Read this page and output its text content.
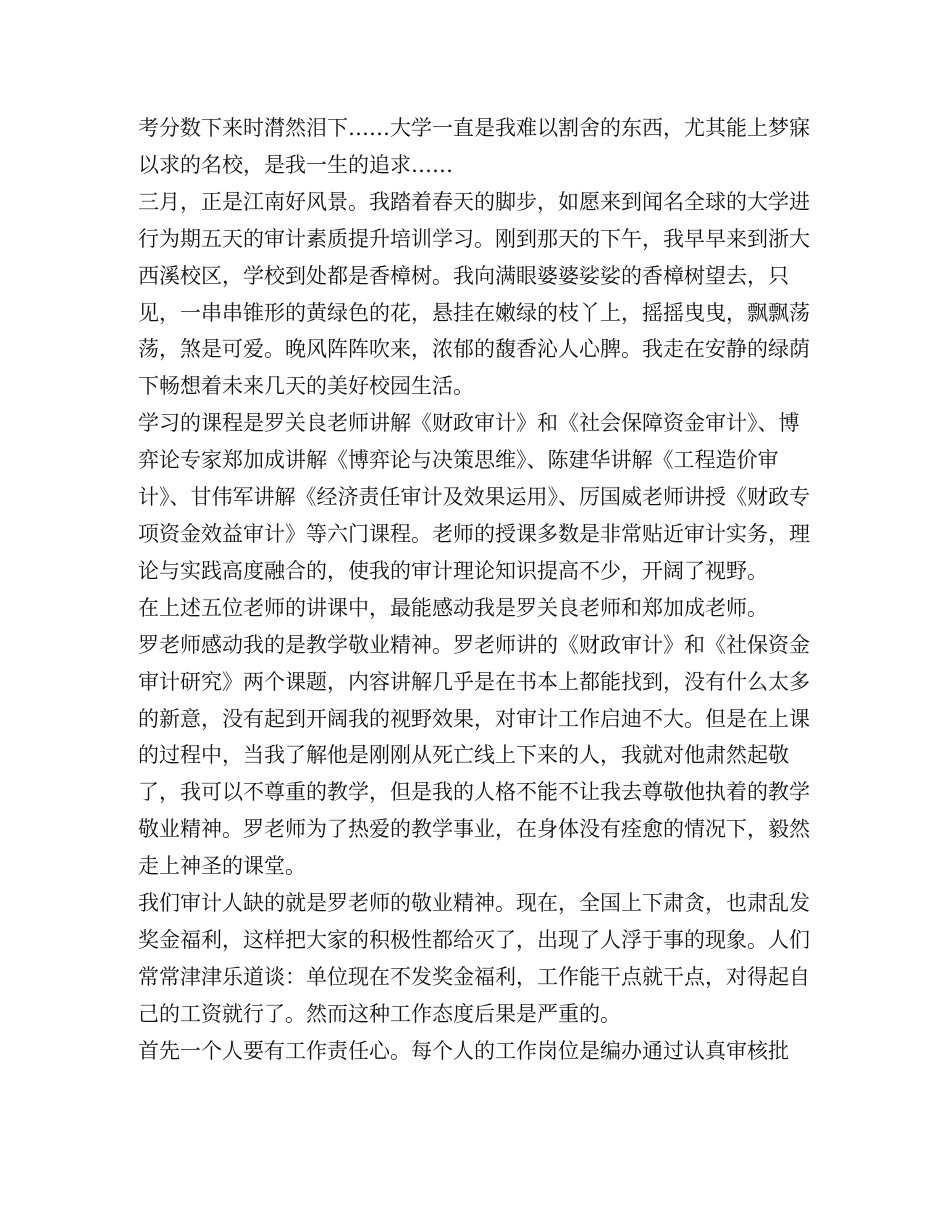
考分数下来时潸然泪下……大学一直是我难以割舍的东西，尤其能上梦寐以求的名校，是我一生的追求……

三月，正是江南好风景。我踏着春天的脚步，如愿来到闻名全球的大学进行为期五天的审计素质提升培训学习。刚到那天的下午，我早早来到浙大西溪校区，学校到处都是香樟树。我向满眼婆婆娑娑的香樟树望去，只见，一串串锥形的黄绿色的花，悬挂在嫩绿的枝丫上，摇摇曳曳，飘飘荡荡，煞是可爱。晚风阵阵吹来，浓郁的馥香沁人心脾。我走在安静的绿荫下畅想着未来几天的美好校园生活。

学习的课程是罗关良老师讲解《财政审计》和《社会保障资金审计》、博弈论专家郑加成讲解《博弈论与决策思维》、陈建华讲解《工程造价审计》、甘伟军讲解《经济责任审计及效果运用》、厉国威老师讲授《财政专项资金效益审计》等六门课程。老师的授课多数是非常贴近审计实务，理论与实践高度融合的，使我的审计理论知识提高不少，开阔了视野。

在上述五位老师的讲课中，最能感动我是罗关良老师和郑加成老师。

罗老师感动我的是教学敬业精神。罗老师讲的《财政审计》和《社保资金审计研究》两个课题，内容讲解几乎是在书本上都能找到，没有什么太多的新意，没有起到开阔我的视野效果，对审计工作启迪不大。但是在上课的过程中，当我了解他是刚刚从死亡线上下来的人，我就对他肃然起敬了，我可以不尊重的教学，但是我的人格不能不让我去尊敬他执着的教学敬业精神。罗老师为了热爱的教学事业，在身体没有痊愈的情况下，毅然走上神圣的课堂。

我们审计人缺的就是罗老师的敬业精神。现在，全国上下肃贪，也肃乱发奖金福利，这样把大家的积极性都给灭了，出现了人浮于事的现象。人们常常津津乐道谈：单位现在不发奖金福利，工作能干点就干点，对得起自己的工资就行了。然而这种工作态度后果是严重的。

首先一个人要有工作责任心。每个人的工作岗位是编办通过认真审核批
